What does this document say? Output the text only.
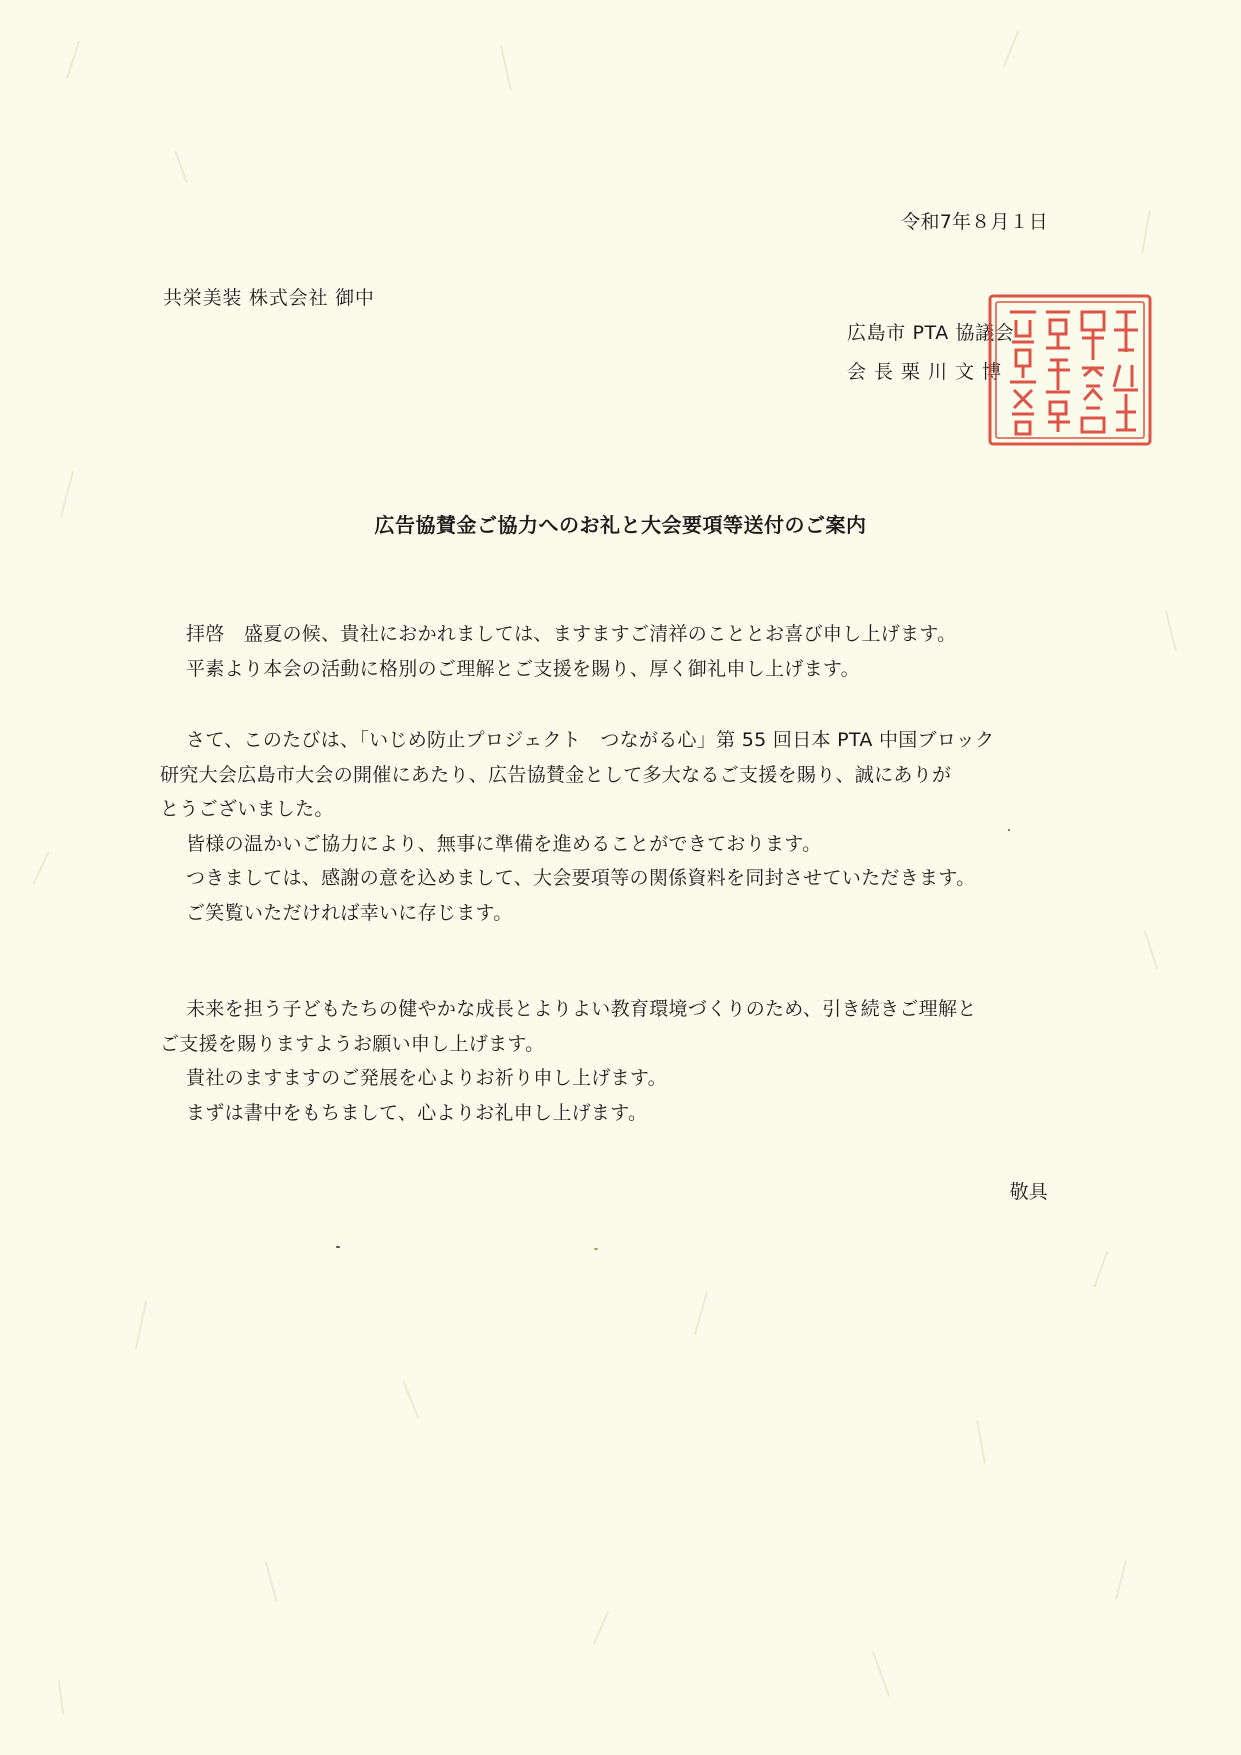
令和7年８月１日
共栄美装 株式会社 御中
広島市 PTA 協議会
会長栗川文博
広告協賛金ご協力へのお礼と大会要項等送付のご案内
拝啓　盛夏の候、貴社におかれましては、ますますご清祥のこととお喜び申し上げます。
平素より本会の活動に格別のご理解とご支援を賜り、厚く御礼申し上げます。
さて、このたびは、「いじめ防止プロジェクト　つながる心」第 55 回日本 PTA 中国ブロック
研究大会広島市大会の開催にあたり、広告協賛金として多大なるご支援を賜り、誠にありが
とうございました。
皆様の温かいご協力により、無事に準備を進めることができております。
つきましては、感謝の意を込めまして、大会要項等の関係資料を同封させていただきます。
ご笑覧いただければ幸いに存じます。
未来を担う子どもたちの健やかな成長とよりよい教育環境づくりのため、引き続きご理解と
ご支援を賜りますようお願い申し上げます。
貴社のますますのご発展を心よりお祈り申し上げます。
まずは書中をもちまして、心よりお礼申し上げます。
敬具
